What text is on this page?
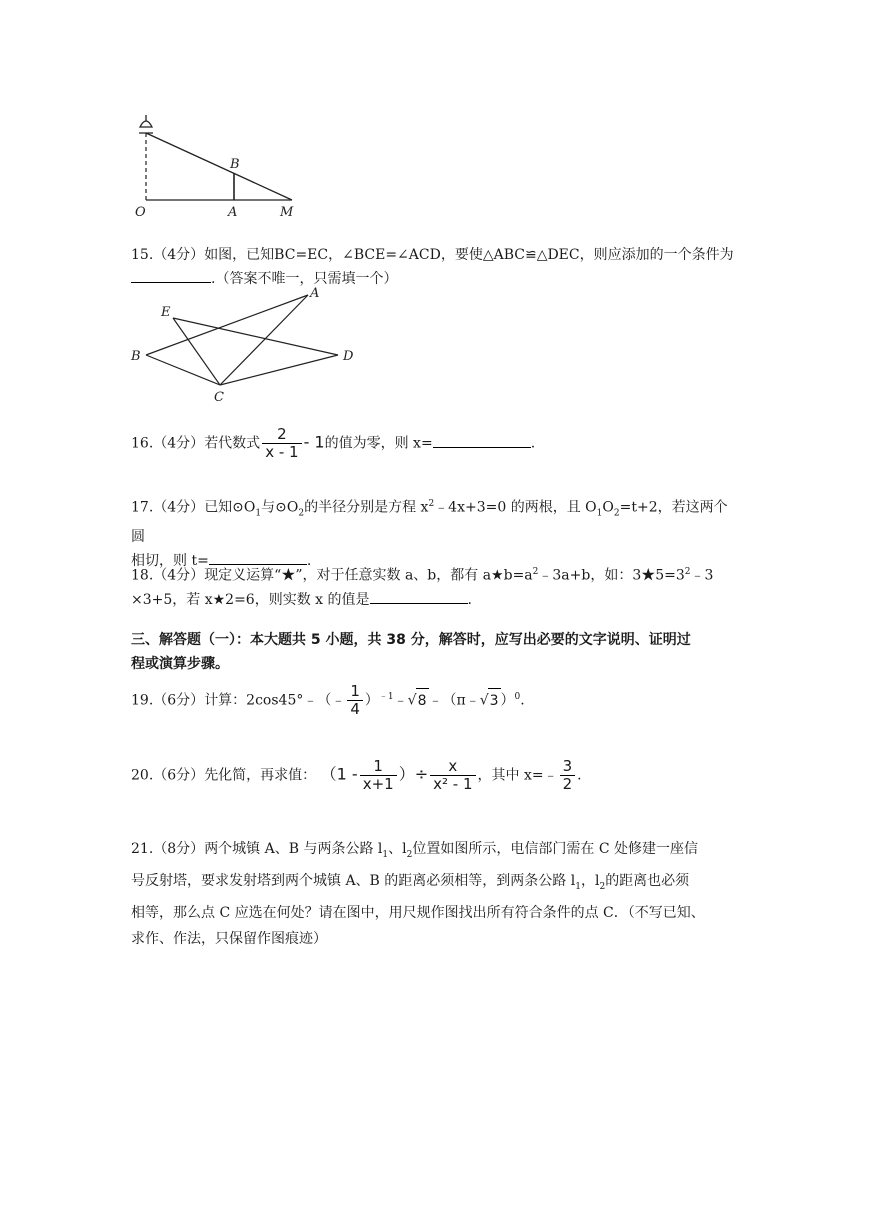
O	A	M
B
15.（4分）如图，已知BC=EC，∠BCE=∠ACD，要使△ABC≌△DEC，则应添加的一个条件为
.（答案不唯一，只需填一个）
E
A
B	D
C
16.（4分）若代数式 $\frac{2}{x - 1} - 1$的值为零，则 x=	.
17.（4分）已知$⊙O_1$与$⊙O_2$的半径分别是方程 $x^2﹣4x+3=0$ 的两根，且 $O_1O_2=t+2$，若这两个圆
相切，则 t=	.
18.（4分）现定义运算“★”，对于任意实数 a、b，都有 $a★b=a^2﹣3a+b$，如：$3★5=3^2﹣3$
×3+5，若 x★2=6，则实数 x 的值是	.
三、解答题（一）：本大题共 5 小题，共 38 分，解答时，应写出必要的文字说明、证明过
程或演算步骤。
19.（6分）计算：2cos45°﹣（﹣ $\frac{1}{4}$ ）$^{﹣1}$﹣√8 ﹣（π﹣√3 ）$^0$.
20.（6分）先化简，再求值： （$1 - \frac{1}{x+1}$ ）÷ $\frac{x}{\text{x² - 1}}$ ，其中 x=﹣ $\frac{3}{2}$ .
21.（8分）两个城镇 A、B 与两条公路 $l_1$、$l_2$位置如图所示，电信部门需在 C 处修建一座信
号反射塔，要求发射塔到两个城镇 A、B 的距离必须相等，到两条公路 $l_1$，$l_2$的距离也必须
相等，那么点 C 应选在何处？请在图中，用尺规作图找出所有符合条件的点 C．（不写已知、
求作、作法，只保留作图痕迹）
